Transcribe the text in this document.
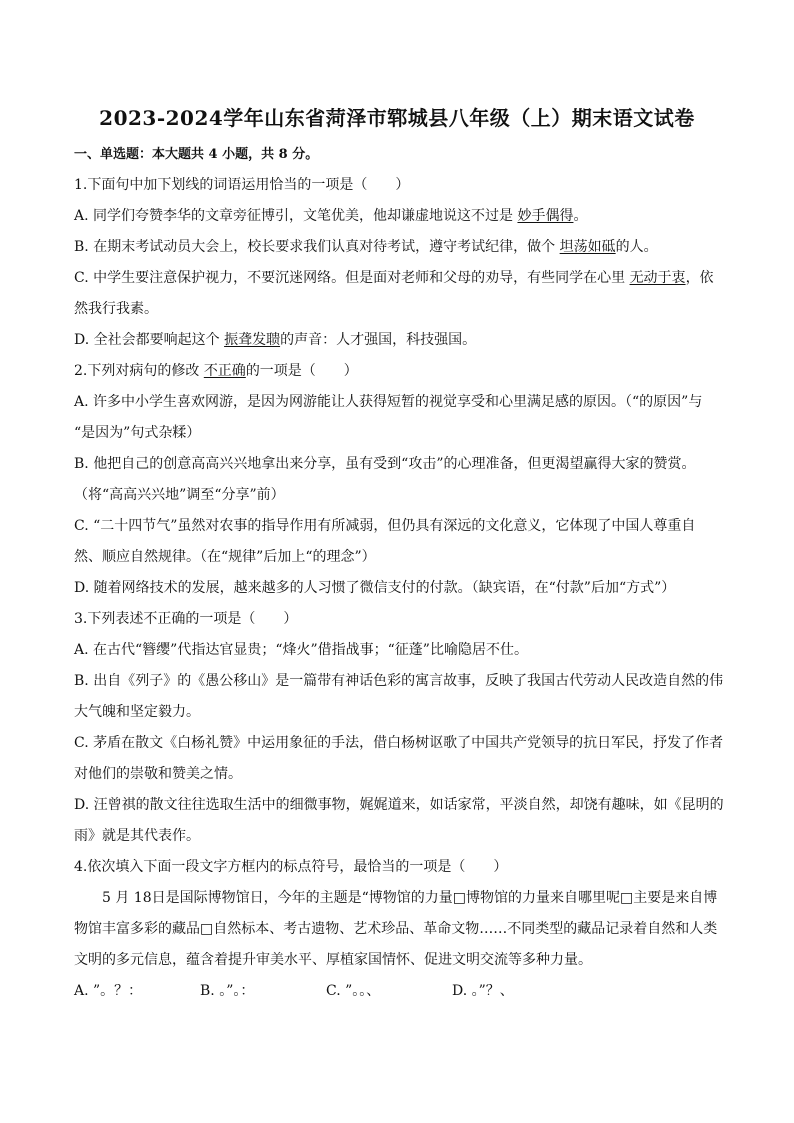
2023-2024学年山东省菏泽市郓城县八年级（上）期末语文试卷

一、单选题：本大题共 4 小题，共 8 分。

1.下面句中加下划线的词语运用恰当的一项是（　　）

A. 同学们夸赞李华的文章旁征博引，文笔优美，他却谦虚地说这不过是 妙手偶得。

B. 在期末考试动员大会上，校长要求我们认真对待考试，遵守考试纪律，做个 坦荡如砥的人。

C. 中学生要注意保护视力，不要沉迷网络。但是面对老师和父母的劝导，有些同学在心里 无动于衷，依

然我行我素。

D. 全社会都要响起这个 振聋发聩的声音：人才强国，科技强国。

2.下列对病句的修改 不正确的一项是（　　）

A. 许多中小学生喜欢网游，是因为网游能让人获得短暂的视觉享受和心里满足感的原因。（“的原因”与

“是因为”句式杂糅）

B. 他把自己的创意高高兴兴地拿出来分享，虽有受到“攻击”的心理准备，但更渴望赢得大家的赞赏。

（将“高高兴兴地”调至“分享”前）

C. “二十四节气”虽然对农事的指导作用有所减弱，但仍具有深远的文化意义，它体现了中国人尊重自

然、顺应自然规律。（在“规律”后加上“的理念”）

D. 随着网络技术的发展，越来越多的人习惯了微信支付的付款。（缺宾语，在“付款”后加“方式”）

3.下列表述不正确的一项是（　　）

A. 在古代“簪缨”代指达官显贵；“烽火”借指战事；“征蓬”比喻隐居不仕。

B. 出自《列子》的《愚公移山》是一篇带有神话色彩的寓言故事，反映了我国古代劳动人民改造自然的伟

大气魄和坚定毅力。

C. 茅盾在散文《白杨礼赞》中运用象征的手法，借白杨树讴歌了中国共产党领导的抗日军民，抒发了作者

对他们的崇敬和赞美之情。

D. 汪曾祺的散文往往选取生活中的细微事物，娓娓道来，如话家常，平淡自然，却饶有趣味，如《昆明的

雨》就是其代表作。

4.依次填入下面一段文字方框内的标点符号，最恰当的一项是（　　）

5 月 18日是国际博物馆日，今年的主题是“博物馆的力量□博物馆的力量来自哪里呢□主要是来自博

物馆丰富多彩的藏品□自然标本、考古遗物、艺术珍品、革命文物……不同类型的藏品记录着自然和人类

文明的多元信息，蕴含着提升审美水平、厚植家国情怀、促进文明交流等多种力量。

A. ”。？：	B. 。”。：	C. ”。。、	D. 。”？、
